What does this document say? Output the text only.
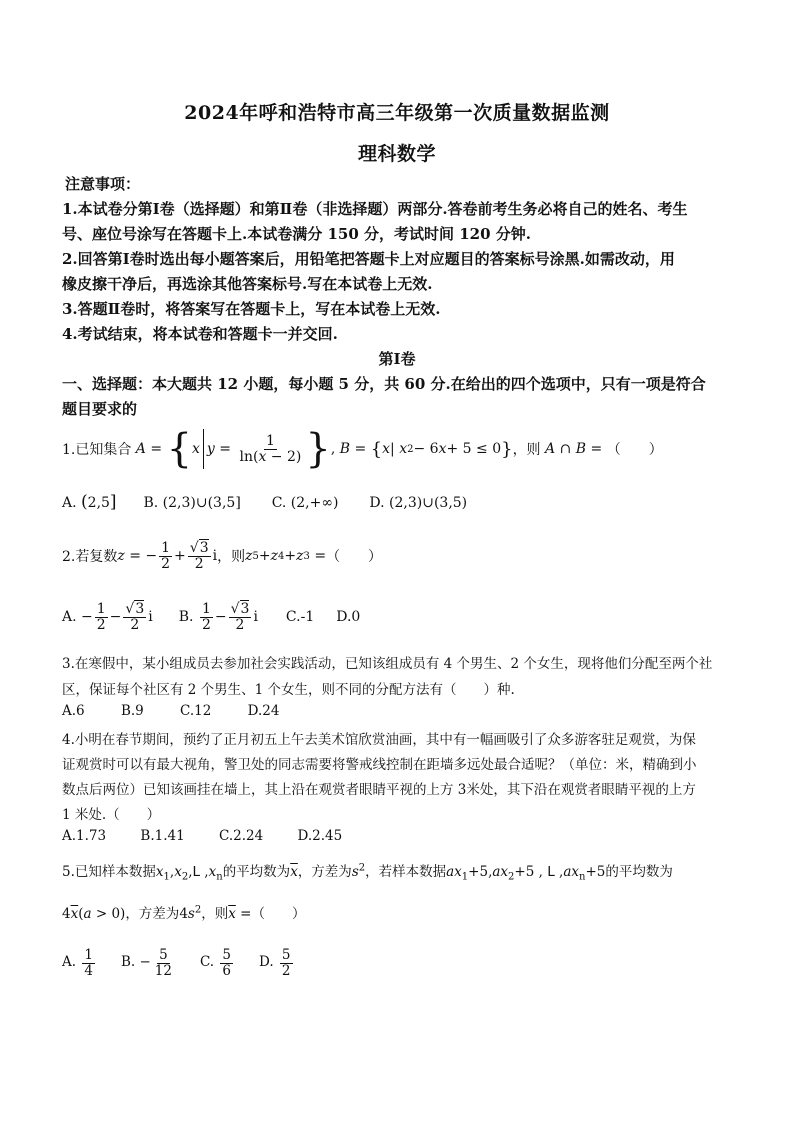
2024年呼和浩特市高三年级第一次质量数据监测
理科数学
注意事项：
1.本试卷分第Ⅰ卷（选择题）和第Ⅱ卷（非选择题）两部分.答卷前考生务必将自己的姓名、考生
号、座位号涂写在答题卡上.本试卷满分 150 分，考试时间 120 分钟.
2.回答第Ⅰ卷时选出每小题答案后，用铅笔把答题卡上对应题目的答案标号涂黑.如需改动，用
橡皮擦干净后，再选涂其他答案标号.写在本试卷上无效.
3.答题Ⅱ卷时，将答案写在答题卡上，写在本试卷上无效.
4.考试结束，将本试卷和答题卡一并交回.
第Ⅰ卷
一、选择题：本大题共 12 小题，每小题 5 分，共 60 分.在给出的四个选项中，只有一项是符合
题目要求的
1.已知集合 A = { x $y = \frac{1}{\ln(x - 2)}$ } , B = { x | x 2 − 6 x + 5 ≤ 0 } ，则 A ∩ B = （　　）
A. (2,5] B. (2,3)∪(3,5] C. (2,+∞) D. (2,3)∪(3,5)
2.若复数 z = − $\frac{1}{2} + \frac{√3}{2}$ i ，则 z 5 + z 4 + z 3 = （　　）
A. − $\frac{1}{2} - \frac{√3}{2}$ i B. $\frac{1}{2} - \frac{√3}{2}$ i C.-1 D.0
3.在寒假中，某小组成员去参加社会实践活动，已知该组成员有 4 个男生、2 个女生，现将他们分配至两个社
区，保证每个社区有 2 个男生、1 个女生，则不同的分配方法有（　　）种.
A.6	B.9	C.12	D.24
4.小明在春节期间，预约了正月初五上午去美术馆欣赏油画，其中有一幅画吸引了众多游客驻足观赏，为保
证观赏时可以有最大视角，警卫处的同志需要将警戒线控制在距墙多远处最合适呢？（单位：米，精确到小
数点后两位）已知该画挂在墙上，其上沿在观赏者眼睛平视的上方 3米处，其下沿在观赏者眼睛平视的上方
1 米处.（　　）
A.1.73	B.1.41	C.2.24	D.2.45
5.已知样本数据$x_1,x_2,L$ $,x_n$的平均数为$\overline{x}$，方差为$s^2$，若样本数据$ax_1+5,ax_2+5$ , L $,ax_n+5$的平均数为
$4\overline{x}(a > 0)$，方差为$4s^2$，则$\overline{x}$ =（　　）
A. $\frac{1}{4} B$. − $\frac{5}{12} C$. $\frac{5}{6} D$. $\frac{5}{2}$
